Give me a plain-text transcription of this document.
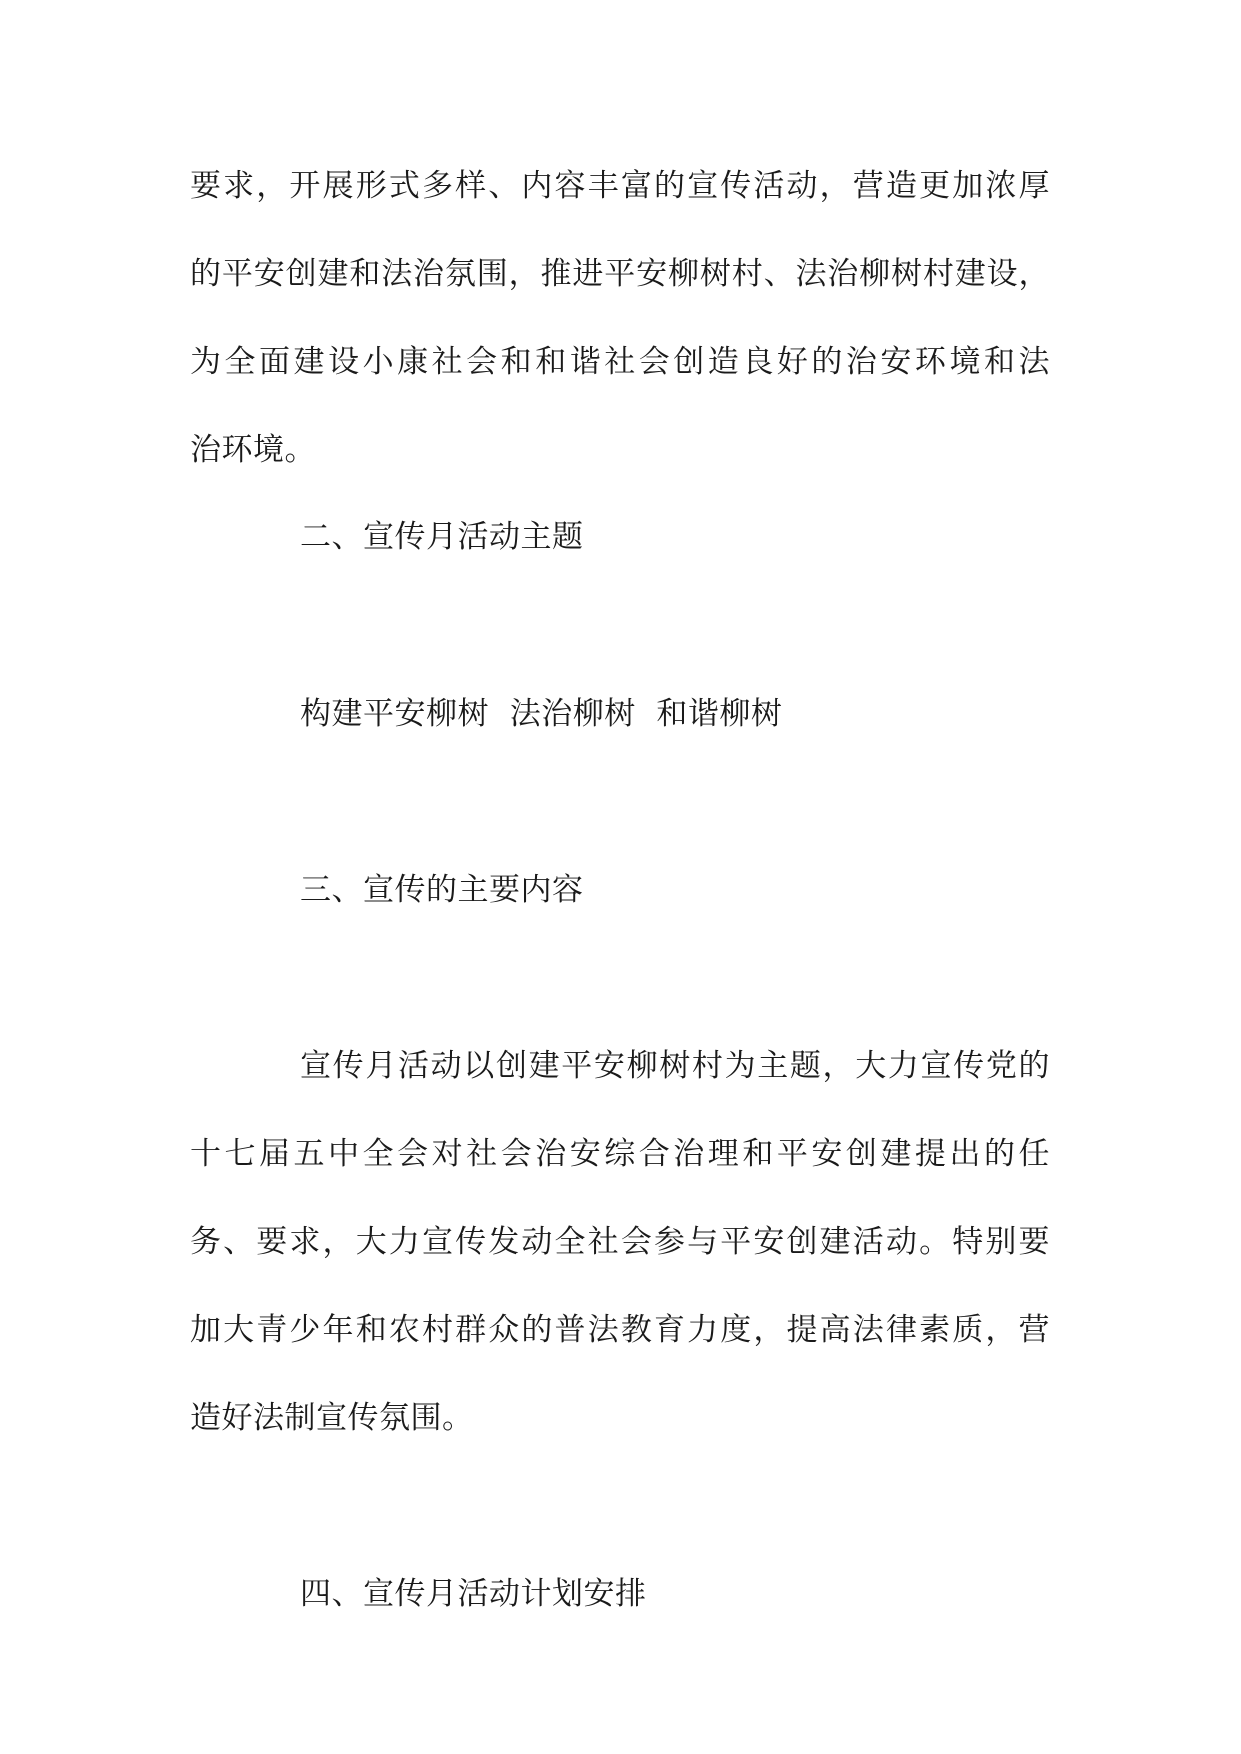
要求，开展形式多样、内容丰富的宣传活动，营造更加浓厚
的平安创建和法治氛围，推进平安柳树村、法治柳树村建设，
为全面建设小康社会和和谐社会创造良好的治安环境和法
治环境。
二、宣传月活动主题
构建平安柳树  法治柳树  和谐柳树
三、宣传的主要内容
宣传月活动以创建平安柳树村为主题，大力宣传党的
十七届五中全会对社会治安综合治理和平安创建提出的任
务、要求，大力宣传发动全社会参与平安创建活动。特别要
加大青少年和农村群众的普法教育力度，提高法律素质，营
造好法制宣传氛围。
四、宣传月活动计划安排
